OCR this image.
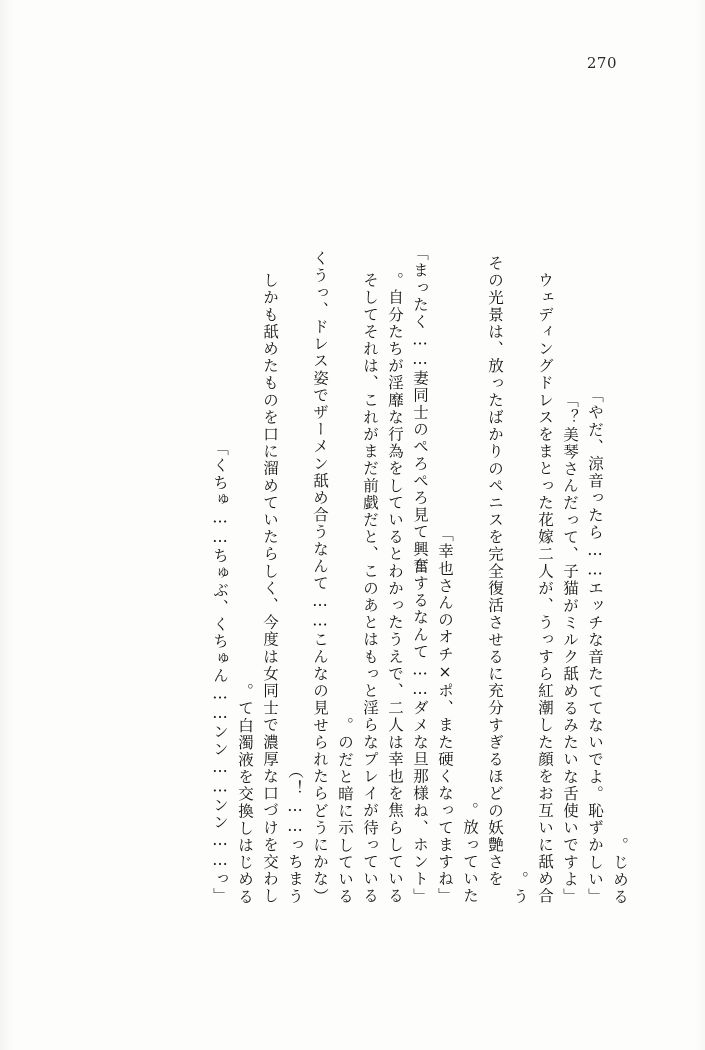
270
じめる。
「やだ、涼音ったら……エッチな音たててないでよ。恥ずかしい」
「美琴さんだって、子猫がミルク舐めるみたいな舌使いですよ？」
ウェディングドレスをまとった花嫁二人が、うっすら紅潮した顔をお互いに舐め合
う。
　その光景は、放ったばかりのペニスを完全復活させるに充分すぎるほどの妖艶さを
放っていた。
「幸也さんのオチ×ポ、また硬くなってますね」
「まったく……妻同士のぺろぺろ見て興奮するなんて……ダメな旦那様ね、ホント」
自分たちが淫靡な行為をしているとわかったうえで、二人は幸也を焦らしている。
そしてそれは、これがまだ前戯だと、このあとはもっと淫らなプレイが待っている
のだと暗に示している。
（くうっ、ドレス姿でザーメン舐め合うなんて……こんなの見せられたらどうにかな
っちまう……！）
しかも舐めたものを口に溜めていたらしく、今度は女同士で濃厚な口づけを交わし
て白濁液を交換しはじめる。
「くちゅ……ちゅぶ、くちゅん……ンン……ンン……っ」
